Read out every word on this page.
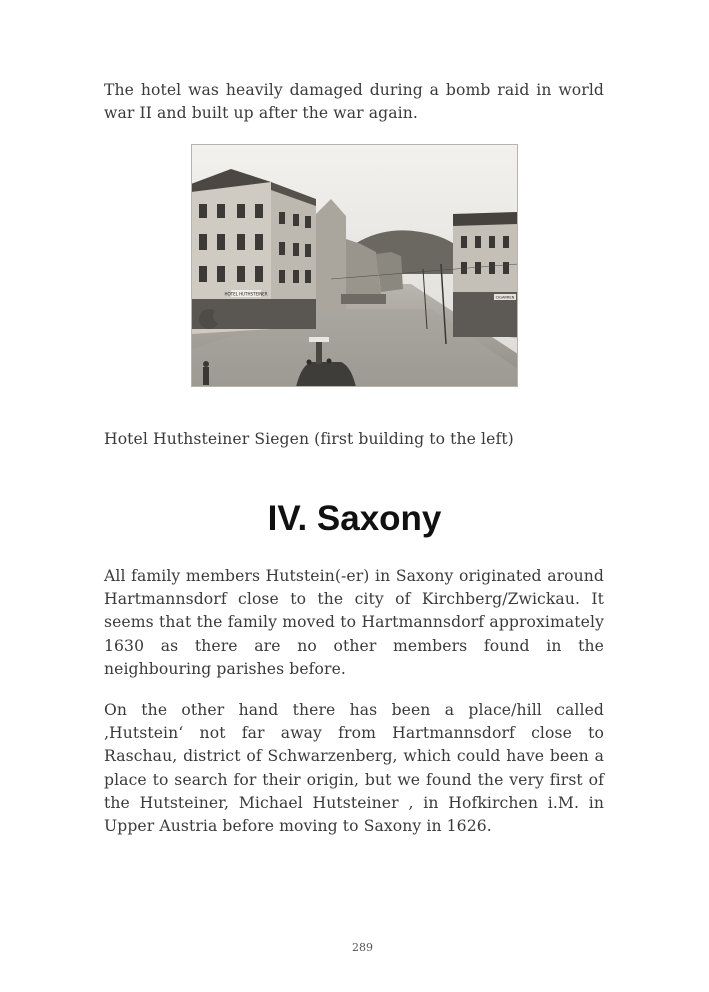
The hotel was heavily damaged during a bomb raid in world war II and built up after the war again.

HOTEL HUTHSTEINER
CIGARREN

Hotel Huthsteiner Siegen (first building to the left)

IV. Saxony

All family members Hutstein(-er) in Saxony originated around Hartmannsdorf close to the city of Kirchberg/Zwickau. It seems that the family moved to Hartmannsdorf approximately 1630 as there are no other members found in the neighbouring parishes before.

On the other hand there has been a place/hill called ‚Hutstein‘ not far away from Hartmannsdorf close to Raschau, district of Schwarzenberg, which could have been a place to search for their origin, but we found the very first of the Hutsteiner, Michael Hutsteiner , in Hofkirchen i.M. in Upper Austria before moving to Saxony in 1626.

289
